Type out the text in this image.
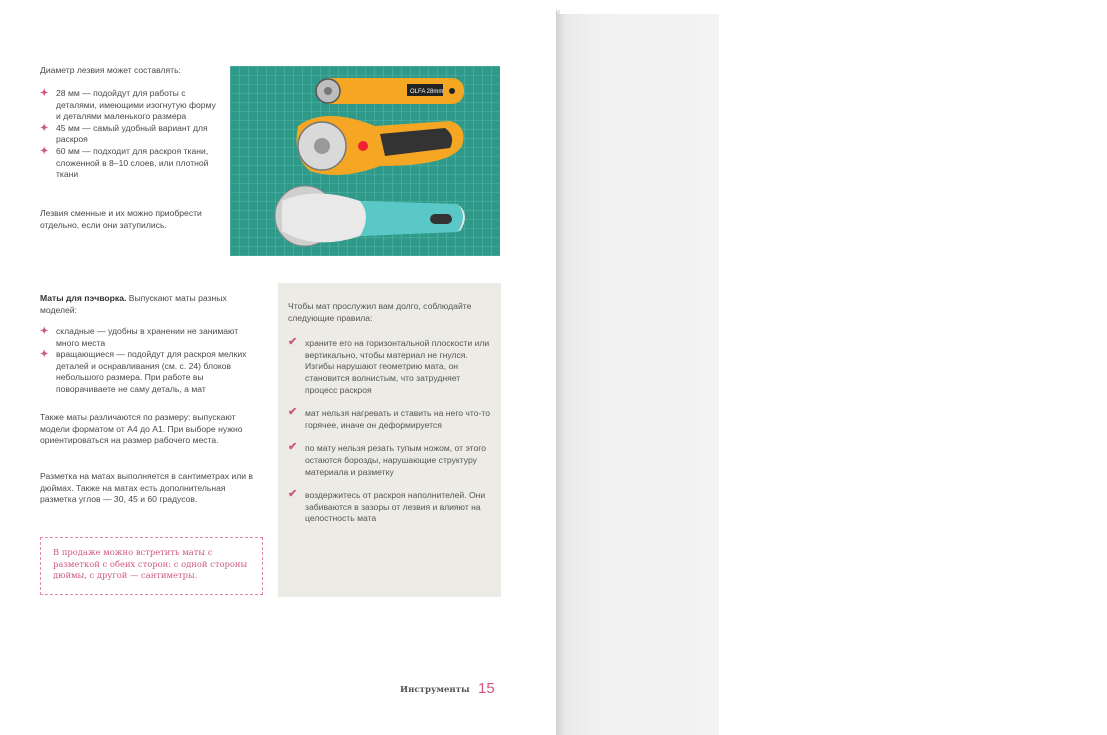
Диаметр лезвия может составлять:
✦ 28 мм — подойдут для работы с деталями, имеющими изогнутую форму и деталями маленького размера
✦ 45 мм — самый удобный вариант для раскроя
✦ 60 мм — подходит для раскроя ткани, сложенной в 8–10 слоев, или плотной ткани
Лезвия сменные и их можно приобрести отдельно, если они затупились.
OLFA 28mm
Маты для пэчворка. Выпускают маты разных моделей:
✦ складные — удобны в хранении не занимают много места
✦ вращающиеся — подойдут для раскроя мелких деталей и оснравливания (см. с. 24) блоков небольшого размера. При работе вы поворачиваете не саму деталь, а мат
Также маты различаются по размеру: выпускают модели форматом от А4 до А1. При выборе нужно ориентироваться на размер рабочего места.
Разметка на матах выполняется в сантиметрах или в дюймах. Также на матах есть дополнительная разметка углов — 30, 45 и 60 градусов.
В продаже можно встретить маты с разметкой с обеих сторон: с одной стороны дюймы, с другой — сантиметры.
Чтобы мат прослужил вам долго, соблюдайте следующие правила:
✔ храните его на горизонтальной плоскости или вертикально, чтобы материал не гнулся. Изгибы нарушают геометрию мата, он становится волнистым, что затрудняет процесс раскроя
✔ мат нельзя нагревать и ставить на него что-то горячее, иначе он деформируется
✔ по мату нельзя резать тупым ножом, от этого остаются борозды, нарушающие структуру материала и разметку
✔ воздержитесь от раскроя наполнителей. Они забиваются в зазоры от лезвия и влияют на целостность мата
Инструменты 15
